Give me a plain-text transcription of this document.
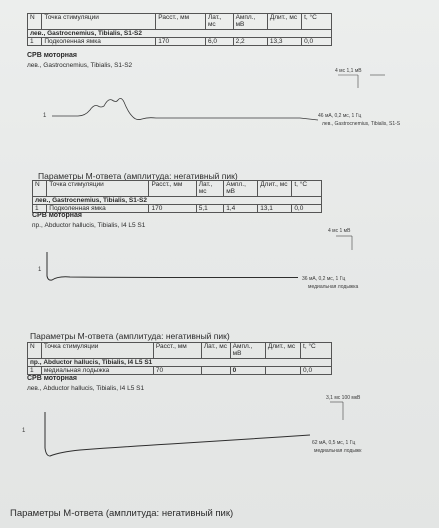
N	Точка стимуляции	Расст., мм	Лат., мс	Ампл., мВ	Длит., мс	t, °C
лев., Gastrocnemius, Tibialis, S1-S2						
1	Подколенная ямка	170	6,0	2,2	13,3	0,0
СРВ моторная
лев., Gastrocnemius, Tibialis, S1-S2
4 мс 1,1 мВ
1	46 мА, 0,2 мс, 1 Гц
лев., Gastrocnemius, Tibialis, S1-S
Параметры М-ответа (амплитуда: негативный пик)
N	Точка стимуляции	Расст., мм	Лат., мс	Ампл., мВ	Длит., мс	t, °C
лев., Gastrocnemius, Tibialis, S1-S2						
1	Подколенная ямка	170	5,1	1,4	13,1	0,0
СРВ моторная
пр., Abductor hallucis, Tibialis, I4 L5 S1
4 мс 1 мВ
1
36 мА, 0,2 мс, 1 Гц
медиальная лодыжка
Параметры М-ответа (амплитуда: негативный пик)
N	Точка стимуляции	Расст., мм	Лат., мс	Ампл., мВ	Длит., мс	t, °C
пр., Abductor hallucis, Tibialis, I4 L5 S1						
1	медиальная лодыжка	70		0		0,0
СРВ моторная
лев., Abductor hallucis, Tibialis, I4 L5 S1
3,1 мс 100 мкВ
1
62 мА, 0,5 мс, 1 Гц
медиальная лодыжк
Параметры М-ответа (амплитуда: негативный пик)
